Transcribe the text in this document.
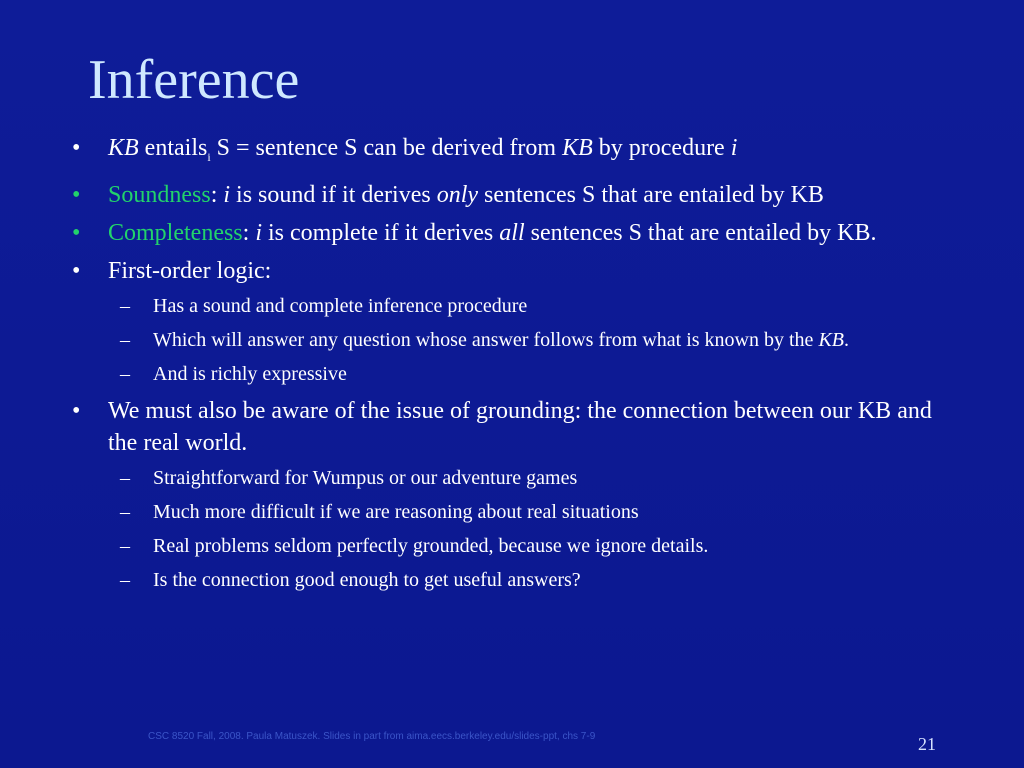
Inference
• KB entails$_i$ S = sentence S can be derived from KB by procedure i
• Soundness: i is sound if it derives only sentences S that are entailed by KB
• Completeness: i is complete if it derives all sentences S that are entailed by KB.
• First-order logic:
– Has a sound and complete inference procedure
– Which will answer any question whose answer follows from what is known by the KB.
– And is richly expressive
• We must also be aware of the issue of grounding: the connection between our KB and the real world.
– Straightforward for Wumpus or our adventure games
– Much more difficult if we are reasoning about real situations
– Real problems seldom perfectly grounded, because we ignore details.
– Is the connection good enough to get useful answers?
CSC 8520 Fall, 2008. Paula Matuszek. Slides in part from aima.eecs.berkeley.edu/slides-ppt, chs 7-9	21
